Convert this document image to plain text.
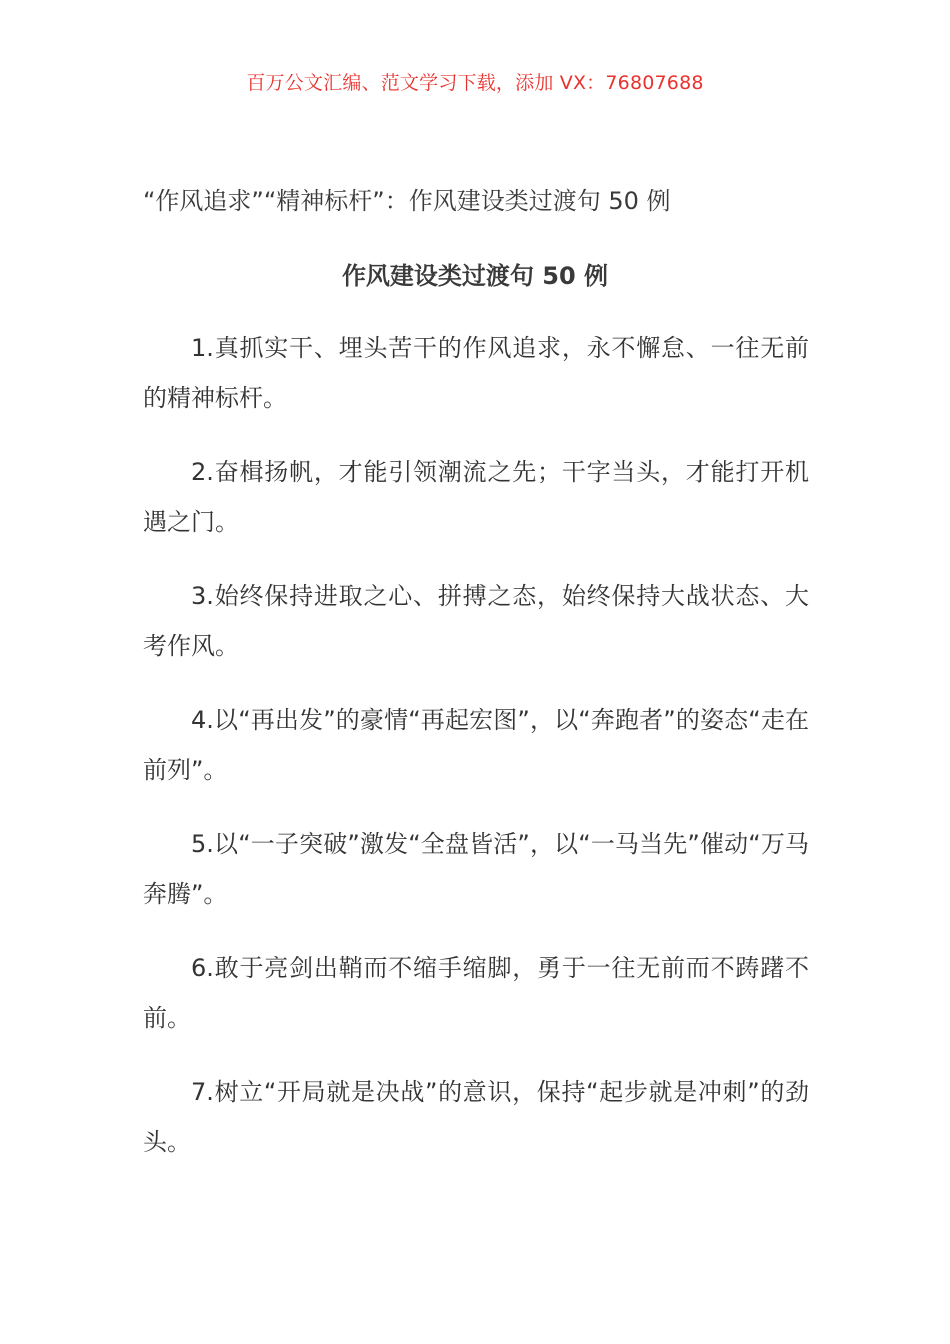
百万公文汇编、范文学习下载，添加 VX：76807688
“作风追求”“精神标杆”：作风建设类过渡句 50 例
作风建设类过渡句 50 例

1.真抓实干、埋头苦干的作风追求，永不懈怠、一往无前的精神标杆。

2.奋楫扬帆，才能引领潮流之先；干字当头，才能打开机遇之门。

3.始终保持进取之心、拼搏之态，始终保持大战状态、大考作风。

4.以“再出发”的豪情“再起宏图”，以“奔跑者”的姿态“走在前列”。

5.以“一子突破”激发“全盘皆活”，以“一马当先”催动“万马奔腾”。

6.敢于亮剑出鞘而不缩手缩脚，勇于一往无前而不踌躇不前。

7.树立“开局就是决战”的意识，保持“起步就是冲刺”的劲头。
